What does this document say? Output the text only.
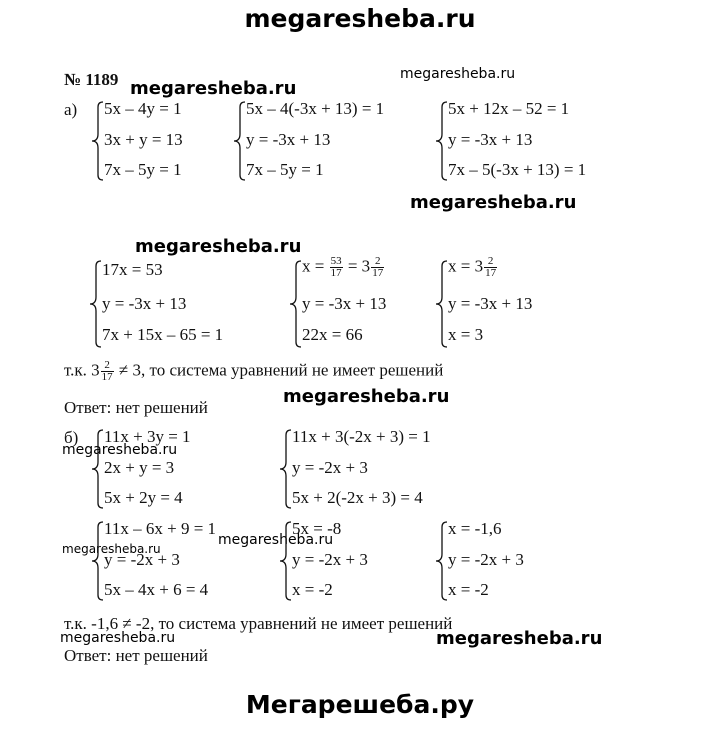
megaresheba.ru
megaresheba.ru
megaresheba.ru
megaresheba.ru
megaresheba.ru
megaresheba.ru
megaresheba.ru
megaresheba.ru
megaresheba.ru
megaresheba.ru	megaresheba.ru
№ 1189
а) 5x – 4y = 1
3x + y = 13
7x – 5y = 1
5x – 4(-3x + 13) = 1
y = -3x + 13
7x – 5y = 1
5x + 12x – 52 = 1
y = -3x + 13
7x – 5(-3x + 13) = 1
17x = 53
y = -3x + 13
7x + 15x – 65 = 1
$x = \frac{53}{17} = 3 \frac{2}{17}$
y = -3x + 13
22x = 66
$x = 3 \frac{2}{17}$
y = -3x + 13
x = 3
т.к. $3 \frac{2}{17} \ne 3$, то система уравнений не имеет решений
Ответ: нет решений
б) 11x + 3y = 1
2x + y = 3
5x + 2y = 4
11x + 3(-2x + 3) = 1
y = -2x + 3
5x + 2(-2x + 3) = 4
11x – 6x + 9 = 1
y = -2x + 3
5x – 4x + 6 = 4
5x = -8
y = -2x + 3
x = -2
x = -1,6
y = -2x + 3
x = -2
т.к. -1,6 ≠ -2, то система уравнений не имеет решений
Ответ: нет решений
Мегарешеба.ру
